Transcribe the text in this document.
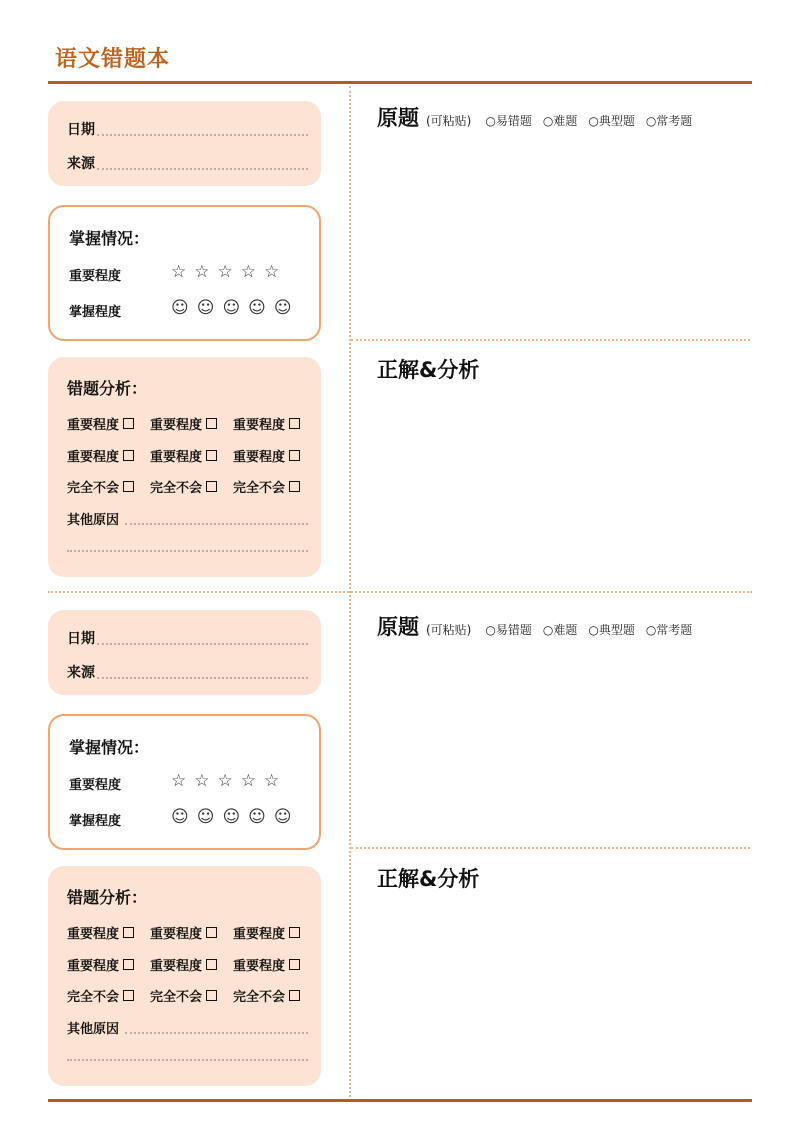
语文错题本
日期
来源
掌握情况：
重要程度	☆☆☆☆☆
掌握程度	☺☺☺☺☺
错题分析：
重要程度 重要程度 重要程度
重要程度 重要程度 重要程度
完全不会 完全不会 完全不会
其他原因
原题 (可粘贴) ○易错题 ○难题 ○典型题 ○常考题
正解&分析
日期
来源
掌握情况：
重要程度	☆☆☆☆☆
掌握程度	☺☺☺☺☺
错题分析：
重要程度 重要程度 重要程度
重要程度 重要程度 重要程度
完全不会 完全不会 完全不会
其他原因
原题 (可粘贴) ○易错题 ○难题 ○典型题 ○常考题
正解&分析
